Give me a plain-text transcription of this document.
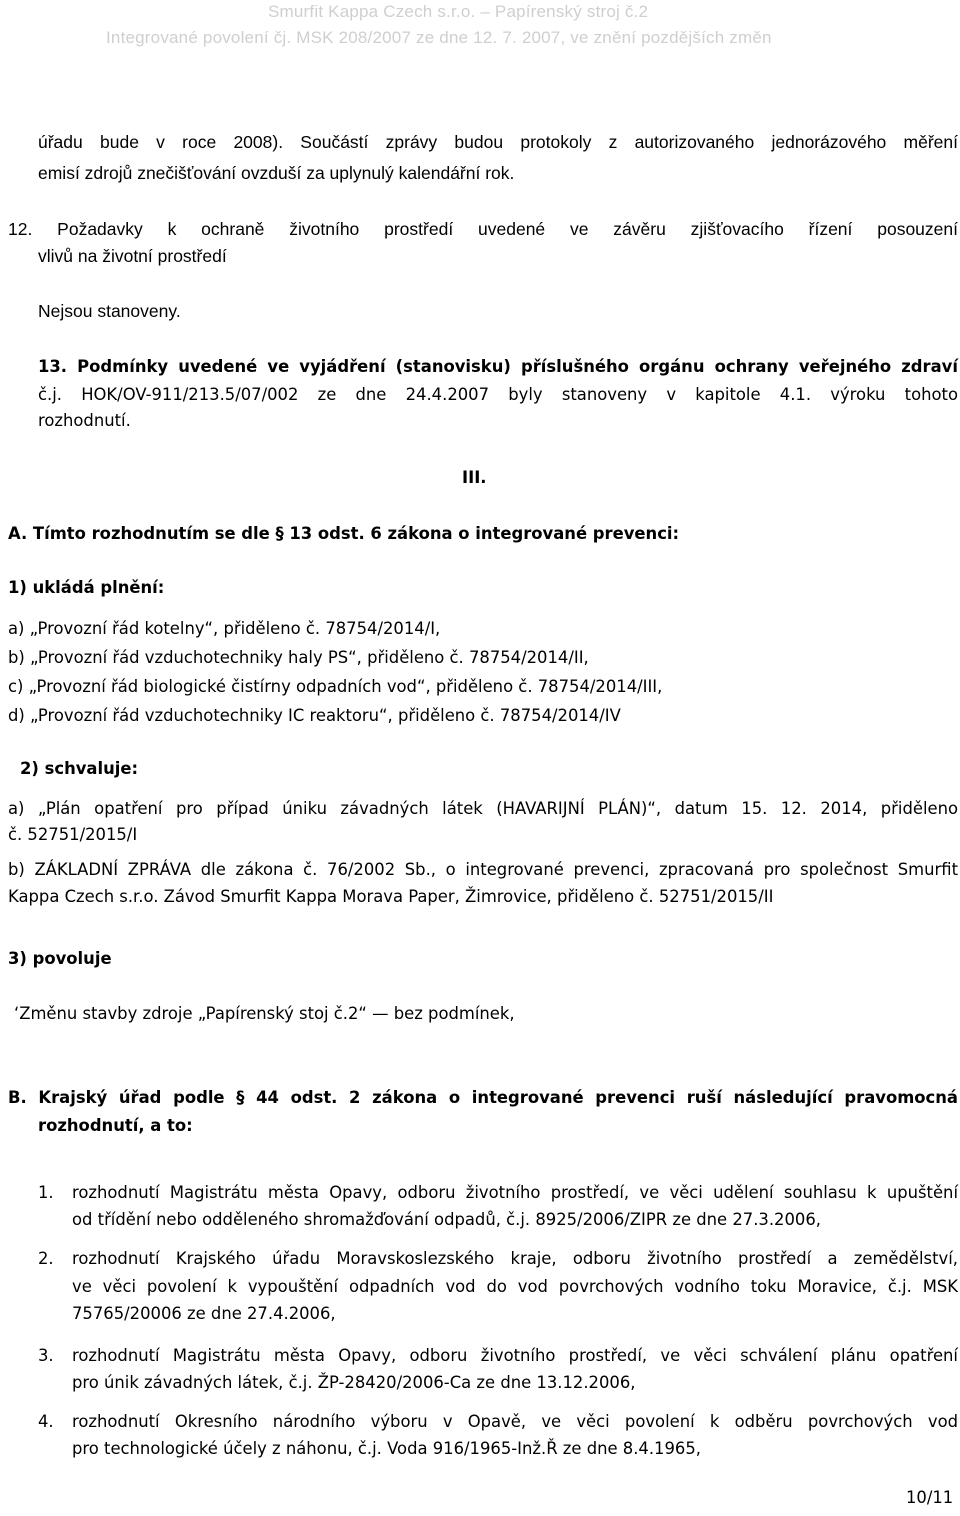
Smurfit Kappa Czech s.r.o. – Papírenský stroj č.2
Integrované povolení čj. MSK 208/2007 ze dne 12. 7. 2007, ve znění pozdějších změn
úřadu bude v roce 2008). Součástí zprávy budou protokoly z autorizovaného jednorázového měření
emisí zdrojů znečišťování ovzduší za uplynulý kalendářní rok.
12. Požadavky k ochraně životního prostředí uvedené ve závěru zjišťovacího řízení posouzení
vlivů na životní prostředí
Nejsou stanoveny.
13. Podmínky uvedené ve vyjádření (stanovisku) příslušného orgánu ochrany veřejného zdraví
č.j. HOK/OV-911/213.5/07/002 ze dne 24.4.2007 byly stanoveny v kapitole 4.1. výroku tohoto
rozhodnutí.
III.
A. Tímto rozhodnutím se dle § 13 odst. 6 zákona o integrované prevenci:
1) ukládá plnění:
a) „Provozní řád kotelny“, přiděleno č. 78754/2014/I,
b) „Provozní řád vzduchotechniky haly PS“, přiděleno č. 78754/2014/II,
c) „Provozní řád biologické čistírny odpadních vod“, přiděleno č. 78754/2014/III,
d) „Provozní řád vzduchotechniky IC reaktoru“, přiděleno č. 78754/2014/IV
2) schvaluje:
a) „Plán opatření pro případ úniku závadných látek (HAVARIJNÍ PLÁN)“, datum 15. 12. 2014, přiděleno
č. 52751/2015/I
b) ZÁKLADNÍ ZPRÁVA dle zákona č. 76/2002 Sb., o integrované prevenci, zpracovaná pro společnost Smurfit
Kappa Czech s.r.o. Závod Smurfit Kappa Morava Paper, Žimrovice, přiděleno č. 52751/2015/II
3) povoluje
‘Změnu stavby zdroje „Papírenský stoj č.2“ — bez podmínek,
B. Krajský úřad podle § 44 odst. 2 zákona o integrované prevenci ruší následující pravomocná
rozhodnutí, a to:
1. rozhodnutí Magistrátu města Opavy, odboru životního prostředí, ve věci udělení souhlasu k upuštění
od třídění nebo odděleného shromažďování odpadů, č.j. 8925/2006/ZIPR ze dne 27.3.2006,
2. rozhodnutí Krajského úřadu Moravskoslezského kraje, odboru životního prostředí a zemědělství,
ve věci povolení k vypouštění odpadních vod do vod povrchových vodního toku Moravice, č.j. MSK
75765/20006 ze dne 27.4.2006,
3. rozhodnutí Magistrátu města Opavy, odboru životního prostředí, ve věci schválení plánu opatření
pro únik závadných látek, č.j. ŽP-28420/2006-Ca ze dne 13.12.2006,
4. rozhodnutí Okresního národního výboru v Opavě, ve věci povolení k odběru povrchových vod
pro technologické účely z náhonu, č.j. Voda 916/1965-Inž.Ř ze dne 8.4.1965,
10/11
